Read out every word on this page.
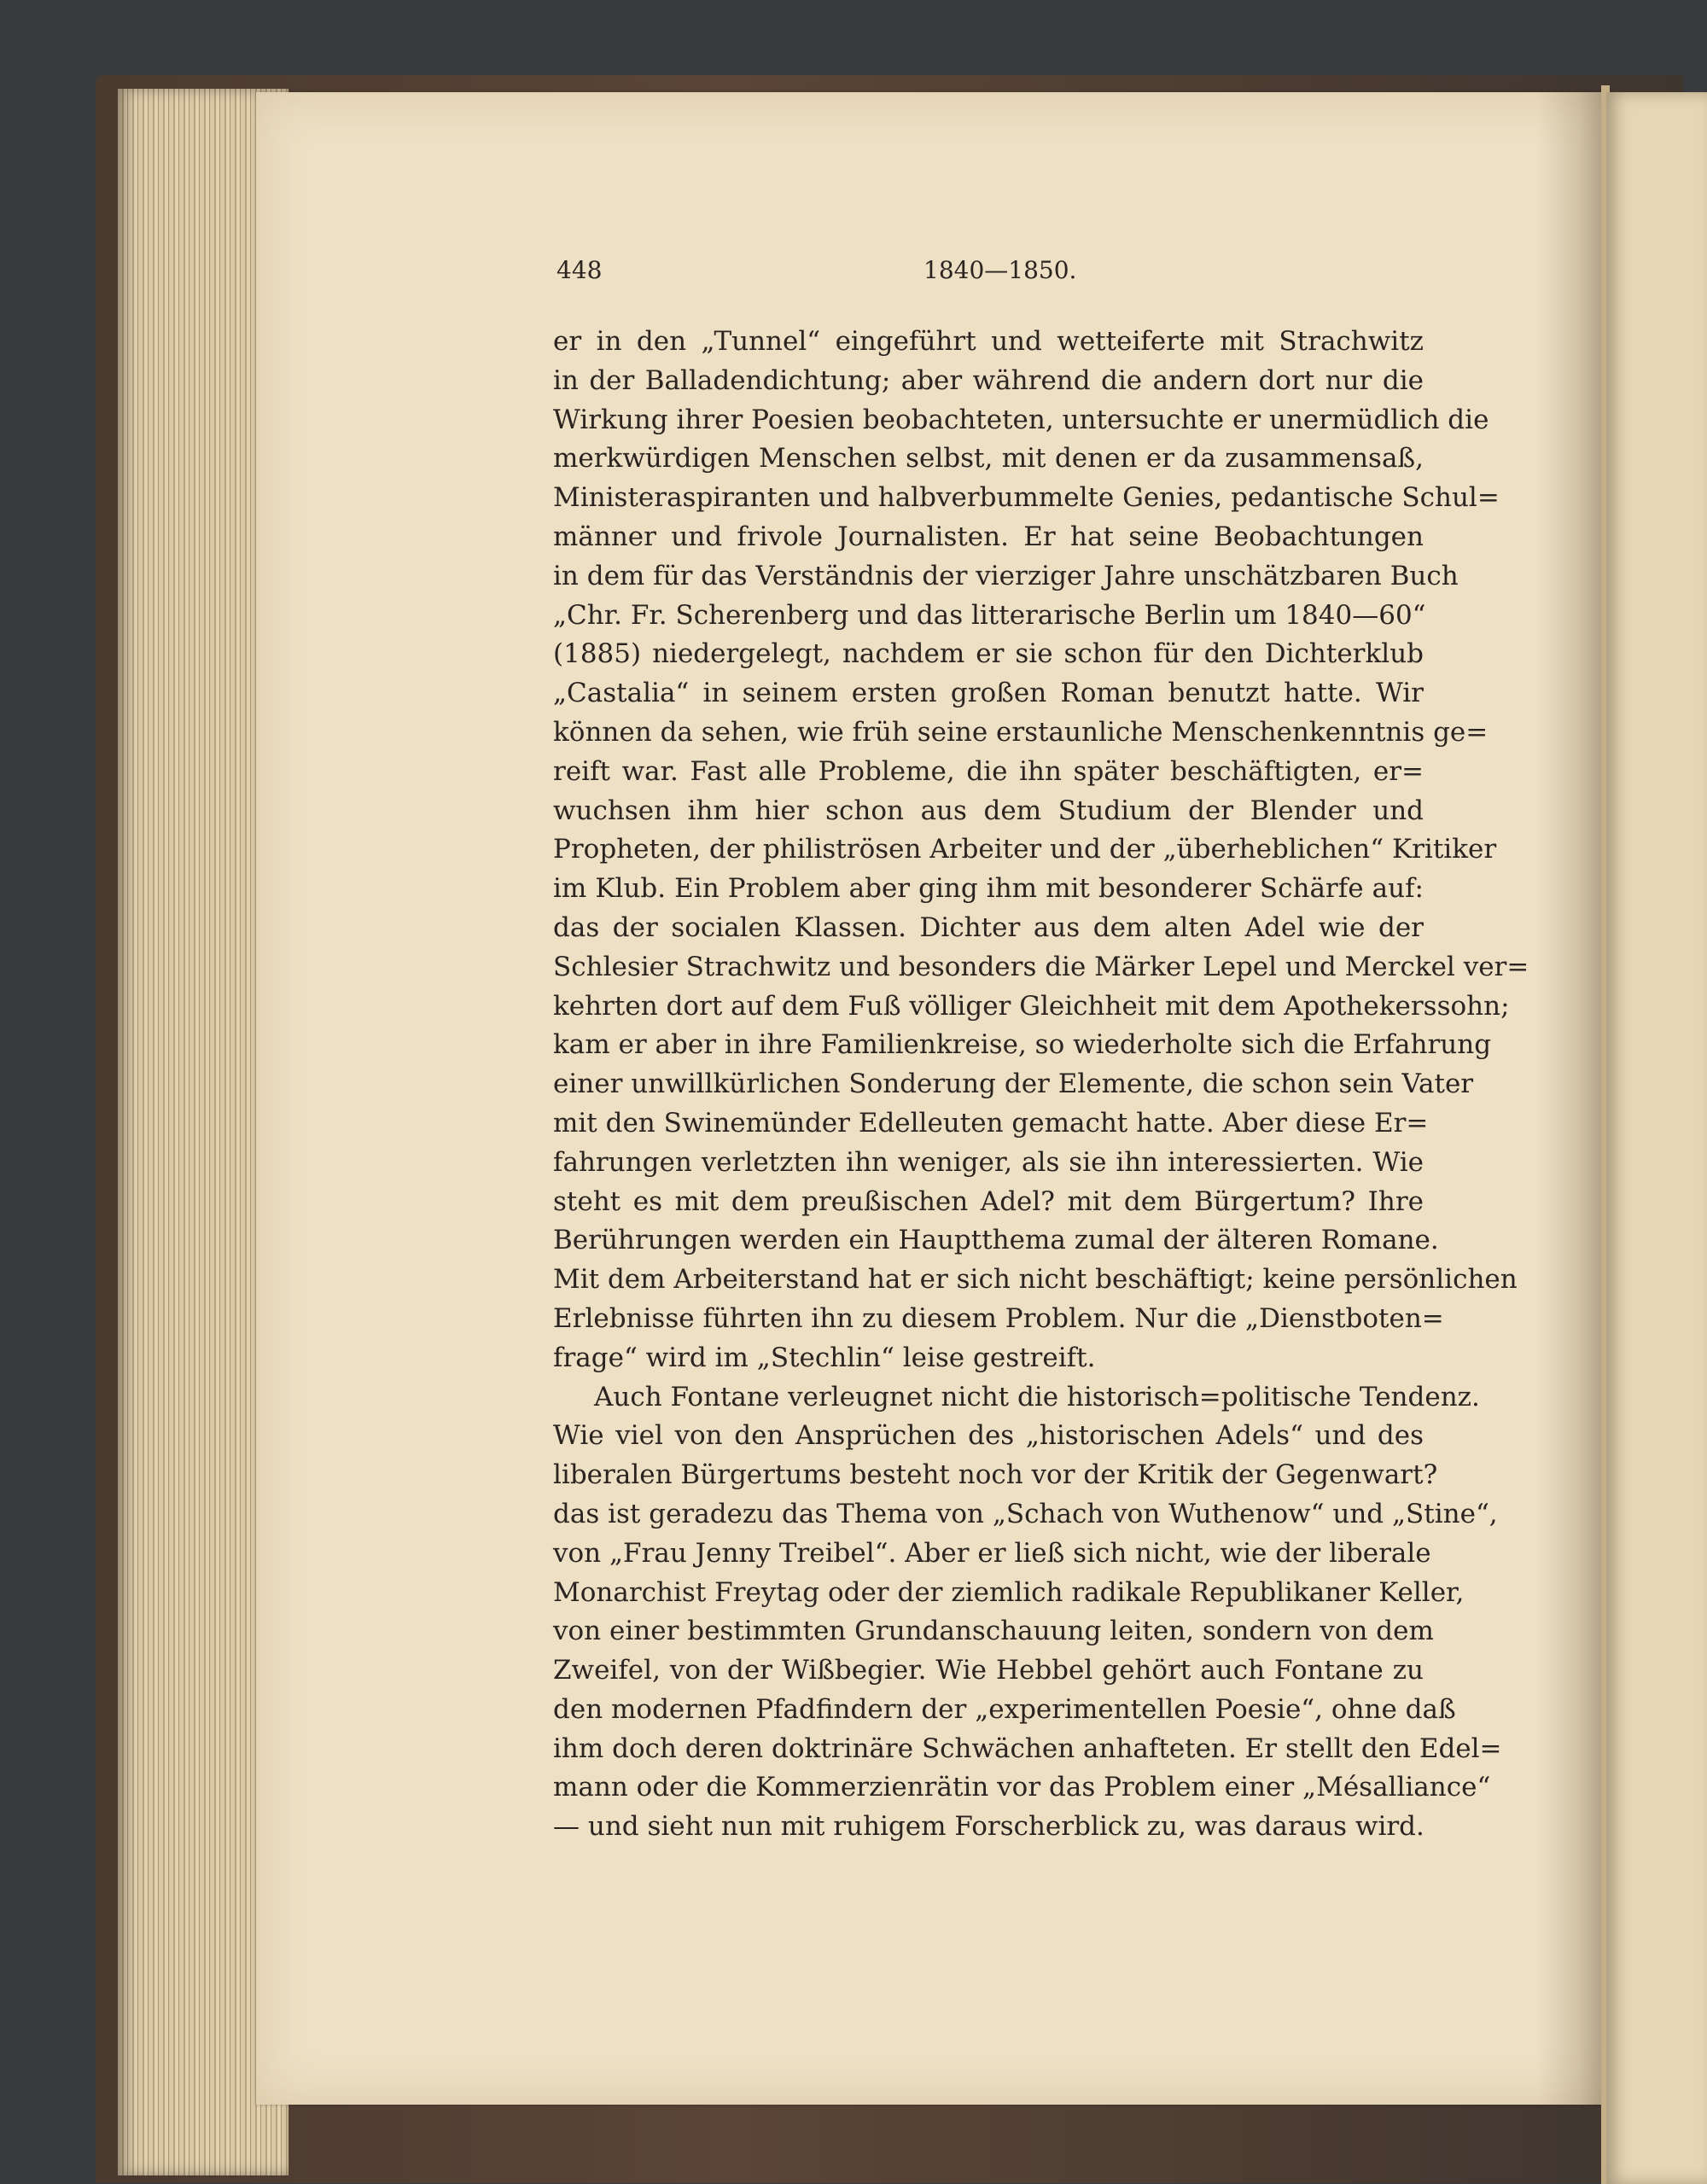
448	1840—1850.
er in den „Tunnel“ eingeführt und wetteiferte mit Strachwitz
in der Balladendichtung; aber während die andern dort nur die
Wirkung ihrer Poesien beobachteten, untersuchte er unermüdlich die
merkwürdigen Menschen selbst, mit denen er da zusammensaß,
Ministeraspiranten und halbverbummelte Genies, pedantische Schul=
männer und frivole Journalisten. Er hat seine Beobachtungen
in dem für das Verständnis der vierziger Jahre unschätzbaren Buch
„Chr. Fr. Scherenberg und das litterarische Berlin um 1840—60“
(1885) niedergelegt, nachdem er sie schon für den Dichterklub
„Castalia“ in seinem ersten großen Roman benutzt hatte. Wir
können da sehen, wie früh seine erstaunliche Menschenkenntnis ge=
reift war. Fast alle Probleme, die ihn später beschäftigten, er=
wuchsen ihm hier schon aus dem Studium der Blender und
Propheten, der philiströsen Arbeiter und der „überheblichen“ Kritiker
im Klub. Ein Problem aber ging ihm mit besonderer Schärfe auf:
das der socialen Klassen. Dichter aus dem alten Adel wie der
Schlesier Strachwitz und besonders die Märker Lepel und Merckel ver=
kehrten dort auf dem Fuß völliger Gleichheit mit dem Apothekerssohn;
kam er aber in ihre Familienkreise, so wiederholte sich die Erfahrung
einer unwillkürlichen Sonderung der Elemente, die schon sein Vater
mit den Swinemünder Edelleuten gemacht hatte. Aber diese Er=
fahrungen verletzten ihn weniger, als sie ihn interessierten. Wie
steht es mit dem preußischen Adel? mit dem Bürgertum? Ihre
Berührungen werden ein Hauptthema zumal der älteren Romane.
Mit dem Arbeiterstand hat er sich nicht beschäftigt; keine persönlichen
Erlebnisse führten ihn zu diesem Problem. Nur die „Dienstboten=
frage“ wird im „Stechlin“ leise gestreift.
Auch Fontane verleugnet nicht die historisch=politische Tendenz.
Wie viel von den Ansprüchen des „historischen Adels“ und des
liberalen Bürgertums besteht noch vor der Kritik der Gegenwart?
das ist geradezu das Thema von „Schach von Wuthenow“ und „Stine“,
von „Frau Jenny Treibel“. Aber er ließ sich nicht, wie der liberale
Monarchist Freytag oder der ziemlich radikale Republikaner Keller,
von einer bestimmten Grundanschauung leiten, sondern von dem
Zweifel, von der Wißbegier. Wie Hebbel gehört auch Fontane zu
den modernen Pfadfindern der „experimentellen Poesie“, ohne daß
ihm doch deren doktrinäre Schwächen anhafteten. Er stellt den Edel=
mann oder die Kommerzienrätin vor das Problem einer „Mésalliance“
— und sieht nun mit ruhigem Forscherblick zu, was daraus wird.
